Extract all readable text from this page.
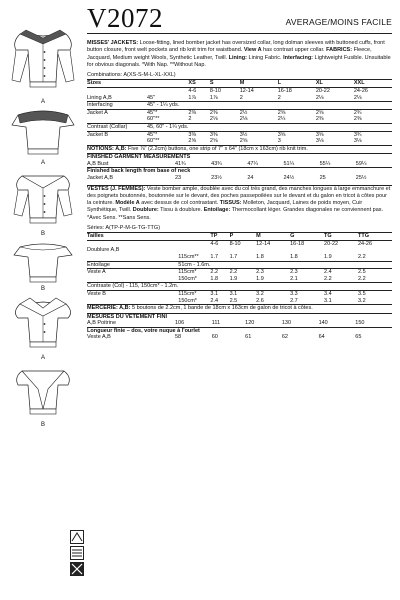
V2072	AVERAGE/MOINS FACILE
A
A
B
B
A
B

MISSES' JACKETS: Loose-fitting, lined bomber jacket has oversized collar, long dolman sleeves with buttoned cuffs, front button closure, front welt pockets and rib knit trim for waistband. View A has contrast upper collar. FABRICS: Fleece, Jacquard, Medium weight Wools, Synthetic Leather, Twill. Lining: Lining Fabric. Interfacing: Lightweight Fusible. Unsuitable for obvious diagonals. *With Nap. **Without Nap.

Combinations: A(XS-S-M-L-XL-XXL)

Sizes		XS	S	M	L	XL	XXL
		4-6	8-10	12-14	16-18	20-22	24-26
Lining A,B	45"	1⅞	1⅞	2	2	2⅛	2⅛
Interfacing	45" - 1¼ yds.						
Jacket A	45"*	2⅜	2⅜	2½	2⅝	2⅝	2¾
	60"**	2	2⅛	2⅛	2¼	2⅜	2⅜
Contrast (Collar)	45, 60" - 1¼ yds.						
Jacket B	45"*	3⅜	3⅜	3½	3⅝	3⅝	3¾
	60"**	2⅝	2⅝	2⅝	3	3⅛	3⅛

NOTIONS: A,B: Five ⅞" (2.2cm) buttons, one strip of 7" x 64" (18cm x 163cm) rib knit trim.

FINISHED GARMENT MEASUREMENTS							
A,B Bust		41¾	43¾	47¼	51¼	55¼	59¼
Finished back length from base of neck							
Jacket A,B		23	23½	24	24½	25	25½

VESTES (J. FEMMES): Veste bomber ample, doublée avec du col très grand, des manches longues à large emmanchure et des poignets boutonnés, boutonnée sur le devant, des poches passepoilées sur le devant et du galon en tricot à côtes pour la ceinture. Modèle A avec dessus de col contrastant. TISSUS: Molleton, Jacquard, Laines de poids moyen, Cuir Synthétique, Twill. Doublure: Tissu à doublure. Entoilage: Thermocollant léger. Grandes diagonales ne conviennent pas. *Avec Sens. **Sans Sens.

Séries: A(TP-P-M-G-TG-TTG)

Tailles		TP	P	M	G	TG	TTG
		4-6	8-10	12-14	16-18	20-22	24-26
Doublure A,B							
	115cm**	1.7	1.7	1.8	1.8	1.9	2.2
Entoilage	51cm - 1.6m.						
Veste A	115cm*	2.2	2.2	2.3	2.3	2.4	2.5
	150cm*	1.8	1.9	1.9	2.1	2.2	2.2
Contraste (Col) - 115, 150cm* - 1.2m.							
Veste B	115cm*	3.1	3.1	3.2	3.3	3.4	3.5
	150cm*	2.4	2.5	2.6	2.7	3.1	3.2

MERCERIE: A,B: 5 boutons de 2.2cm, 1 bande de 18cm x 163cm de galon de tricot à côtes.

MESURES DU VÊTEMENT FINI							
A,B Poitrine		106	111	120	130	140	150
Longueur finie – dos, votre nuque à l'ourlet							
Veste A,B		58	60	61	62	64	65
